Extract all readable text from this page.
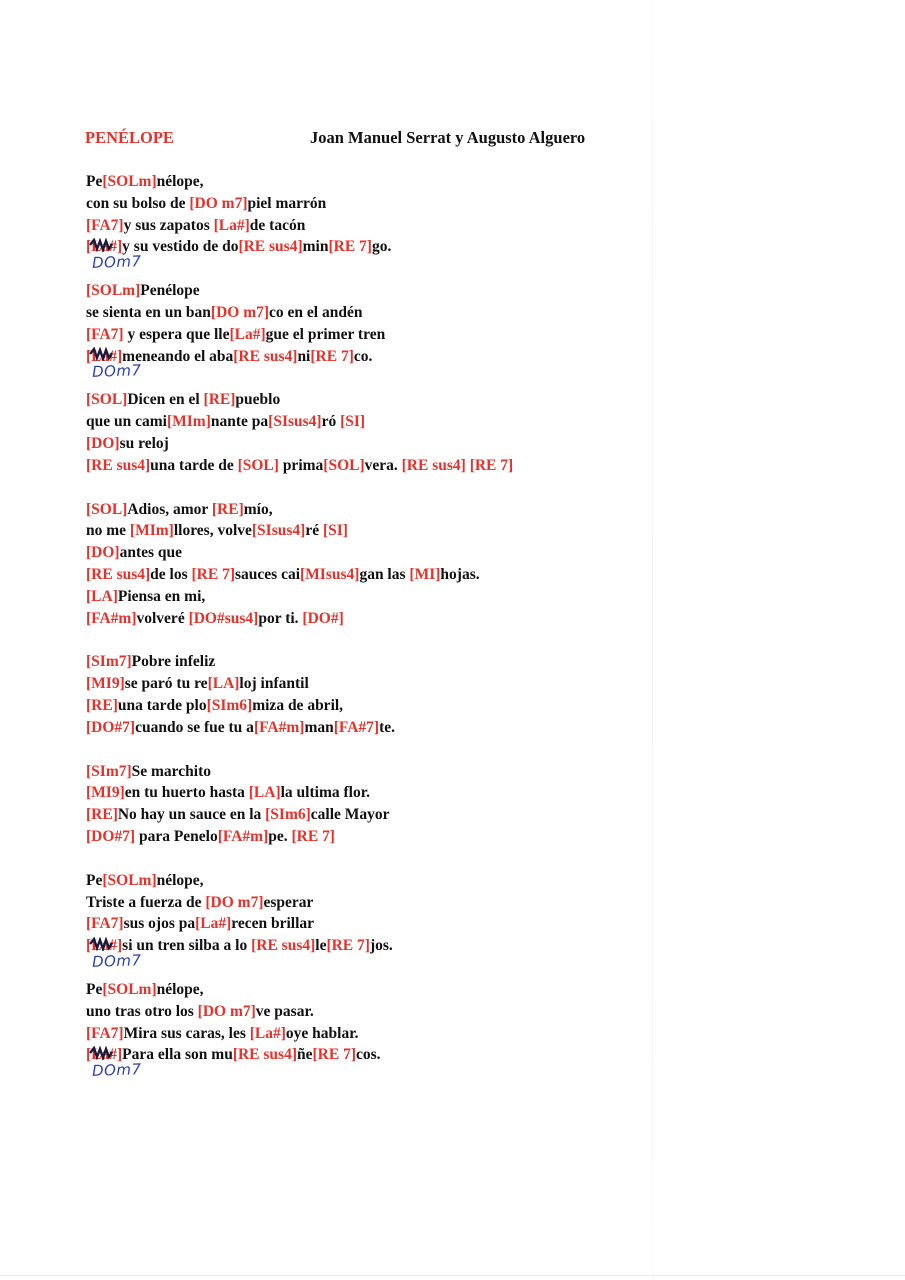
PENÉLOPE	Joan Manuel Serrat y Augusto Alguero
Pe[SOLm]nélope,
con su bolso de [DO m7]piel marrón
[FA7]y sus zapatos [La#]de tacón
[La#]y su vestido de do[RE sus4]min[RE 7]go.
DOm7
[SOLm]Penélope
se sienta en un ban[DO m7]co en el andén
[FA7] y espera que lle[La#]gue el primer tren
[La#]meneando el aba[RE sus4]ni[RE 7]co.
DOm7
[SOL]Dicen en el [RE]pueblo
que un cami[MIm]nante pa[SIsus4]ró [SI]
[DO]su reloj
[RE sus4]una tarde de [SOL] prima[SOL]vera. [RE sus4] [RE 7]
[SOL]Adios, amor [RE]mío,
no me [MIm]llores, volve[SIsus4]ré [SI]
[DO]antes que
[RE sus4]de los [RE 7]sauces cai[MIsus4]gan las [MI]hojas.
[LA]Piensa en mi,
[FA#m]volveré [DO#sus4]por ti. [DO#]
[SIm7]Pobre infeliz
[MI9]se paró tu re[LA]loj infantil
[RE]una tarde plo[SIm6]miza de abril,
[DO#7]cuando se fue tu a[FA#m]man[FA#7]te.
[SIm7]Se marchito
[MI9]en tu huerto hasta [LA]la ultima flor.
[RE]No hay un sauce en la [SIm6]calle Mayor
[DO#7] para Penelo[FA#m]pe. [RE 7]
Pe[SOLm]nélope,
Triste a fuerza de [DO m7]esperar
[FA7]sus ojos pa[La#]recen brillar
[La#]si un tren silba a lo [RE sus4]le[RE 7]jos.
DOm7
Pe[SOLm]nélope,
uno tras otro los [DO m7]ve pasar.
[FA7]Mira sus caras, les [La#]oye hablar.
[La#]Para ella son mu[RE sus4]ñe[RE 7]cos.
DOm7
